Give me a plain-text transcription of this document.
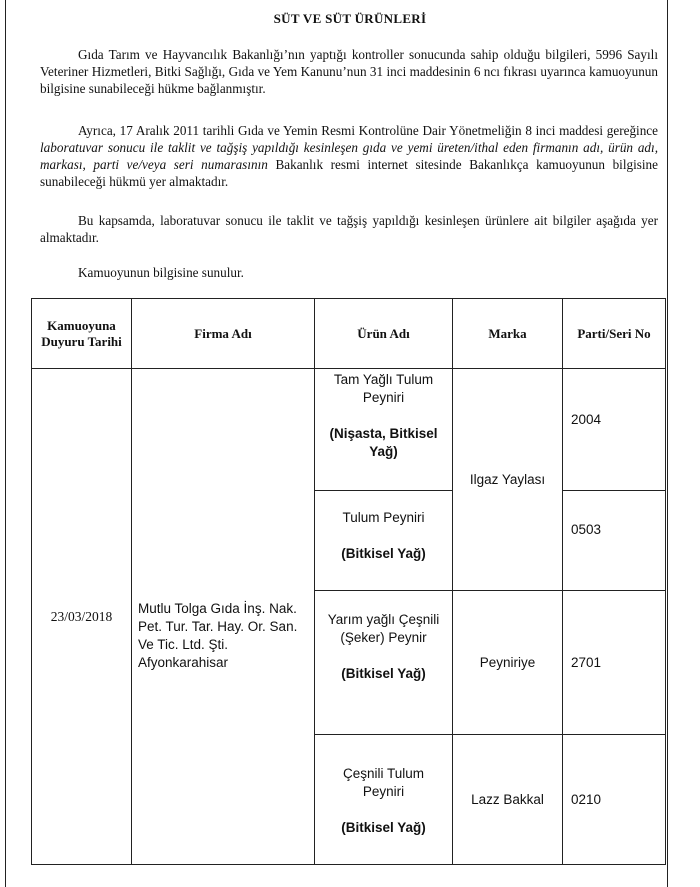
SÜT VE SÜT ÜRÜNLERİ

Gıda Tarım ve Hayvancılık Bakanlığı’nın yaptığı kontroller sonucunda sahip olduğu bilgileri, 5996 Sayılı Veteriner Hizmetleri, Bitki Sağlığı, Gıda ve Yem Kanunu’nun 31 inci maddesinin 6 ncı fıkrası uyarınca kamuoyunun bilgisine sunabileceği hükme bağlanmıştır.

Ayrıca, 17 Aralık 2011 tarihli Gıda ve Yemin Resmi Kontrolüne Dair Yönetmeliğin 8 inci maddesi gereğince laboratuvar sonucu ile taklit ve tağşiş yapıldığı kesinleşen gıda ve yemi üreten/ithal eden firmanın adı, ürün adı, markası, parti ve/veya seri numarasının Bakanlık resmi internet sitesinde Bakanlıkça kamuoyunun bilgisine sunabileceği hükmü yer almaktadır.

Bu kapsamda, laboratuvar sonucu ile taklit ve tağşiş yapıldığı kesinleşen ürünlere ait bilgiler aşağıda yer almaktadır.

Kamuoyunun bilgisine sunulur.

Kamuoyuna Duyuru Tarihi	Firma Adı	Ürün Adı	Marka	Parti/Seri No
23/03/2018	Mutlu Tolga Gıda İnş. Nak. Pet. Tur. Tar. Hay. Or. San. Ve Tic. Ltd. Şti. Afyonkarahisar	Tam Yağlı Tulum Peyniri
(Nişasta, Bitkisel Yağ)	Ilgaz Yaylası	2004

		Tulum Peyniri
(Bitkisel Yağ)		0503

		Yarım yağlı Çeşnili (Şeker) Peynir
(Bitkisel Yağ)	Peyniriye	2701

		Çeşnili Tulum Peyniri
(Bitkisel Yağ)	Lazz Bakkal	0210
